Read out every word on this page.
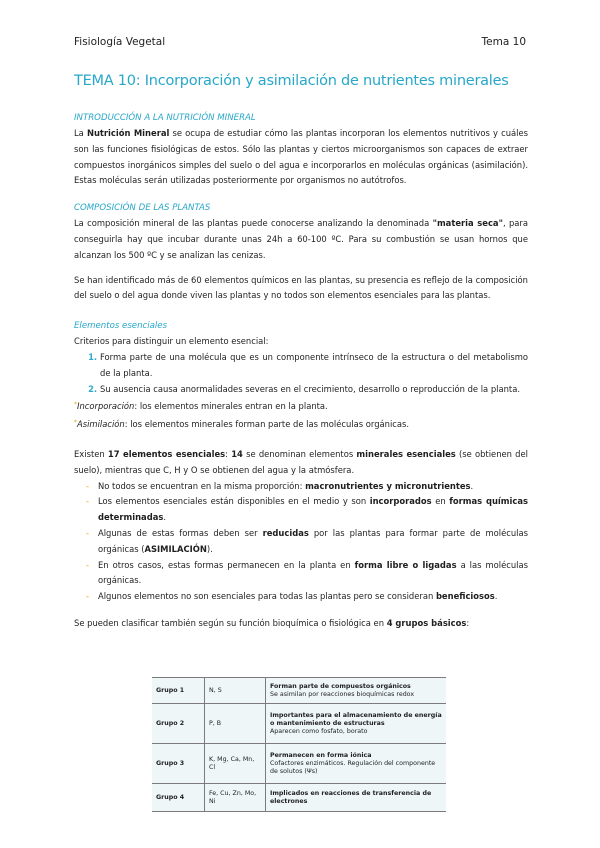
Fisiología Vegetal	Tema 10
TEMA 10: Incorporación y asimilación de nutrientes minerales
INTRODUCCIÓN A LA NUTRICIÓN MINERAL

La Nutrición Mineral se ocupa de estudiar cómo las plantas incorporan los elementos nutritivos y cuáles son las funciones fisiológicas de estos. Sólo las plantas y ciertos microorganismos son capaces de extraer compuestos inorgánicos simples del suelo o del agua e incorporarlos en moléculas orgánicas (asimilación). Estas moléculas serán utilizadas posteriormente por organismos no autótrofos.

COMPOSICIÓN DE LAS PLANTAS

La composición mineral de las plantas puede conocerse analizando la denominada "materia seca", para conseguirla hay que incubar durante unas 24h a 60-100 ºC. Para su combustión se usan hornos que alcanzan los 500 ºC y se analizan las cenizas.

Se han identificado más de 60 elementos químicos en las plantas, su presencia es reflejo de la composición del suelo o del agua donde viven las plantas y no todos son elementos esenciales para las plantas.

Elementos esenciales

Criterios para distinguir un elemento esencial:

1. Forma parte de una molécula que es un componente intrínseco de la estructura o del metabolismo de la planta.
2. Su ausencia causa anormalidades severas en el crecimiento, desarrollo o reproducción de la planta.

*Incorporación: los elementos minerales entran en la planta.

*Asimilación: los elementos minerales forman parte de las moléculas orgánicas.

Existen 17 elementos esenciales: 14 se denominan elementos minerales esenciales (se obtienen del suelo), mientras que C, H y O se obtienen del agua y la atmósfera.

- No todos se encuentran en la misma proporción: macronutrientes y micronutrientes.
- Los elementos esenciales están disponibles en el medio y son incorporados en formas químicas determinadas.
- Algunas de estas formas deben ser reducidas por las plantas para formar parte de moléculas orgánicas (ASIMILACIÓN).
- En otros casos, estas formas permanecen en la planta en forma libre o ligadas a las moléculas orgánicas.
- Algunos elementos no son esenciales para todas las plantas pero se consideran beneficiosos.

Se pueden clasificar también según su función bioquímica o fisiológica en 4 grupos básicos:

Grupo 1	N, S	Forman parte de compuestos orgánicos
Se asimilan por reacciones bioquímicas redox

Grupo 2	P, B	Importantes para el almacenamiento de energía o mantenimiento de estructuras
Aparecen como fosfato, borato

Grupo 3	K, Mg, Ca, Mn, Cl	Permanecen en forma iónica
Cofactores enzimáticos. Regulación del componente de solutos (Ψs)

Grupo 4	Fe, Cu, Zn, Mo, Ni	Implicados en reacciones de transferencia de electrones
